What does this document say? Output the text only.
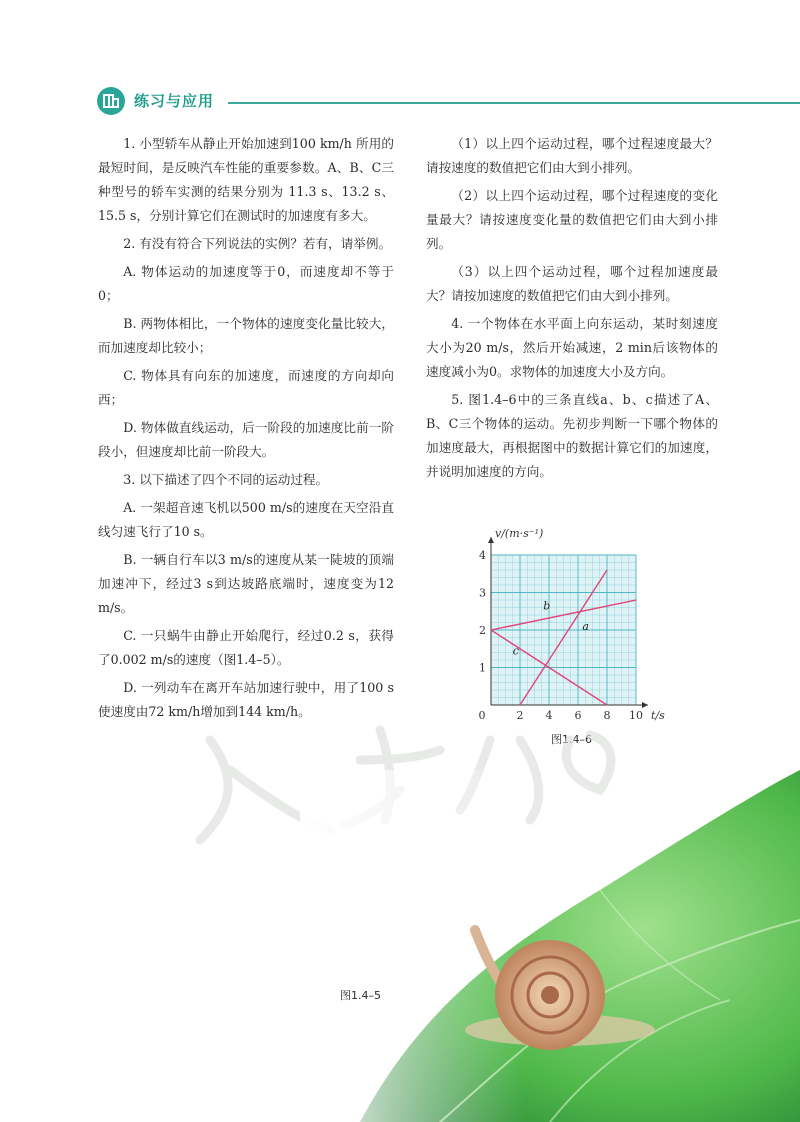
练习与应用

1. 小型轿车从静止开始加速到100 km/h 所用的最短时间，是反映汽车性能的重要参数。A、B、C三种型号的轿车实测的结果分别为 11.3 s、13.2 s、15.5 s，分别计算它们在测试时的加速度有多大。

2. 有没有符合下列说法的实例？若有，请举例。

A. 物体运动的加速度等于0，而速度却不等于0；

B. 两物体相比，一个物体的速度变化量比较大，而加速度却比较小；

C. 物体具有向东的加速度，而速度的方向却向西；

D. 物体做直线运动，后一阶段的加速度比前一阶段小，但速度却比前一阶段大。

3. 以下描述了四个不同的运动过程。

A. 一架超音速飞机以500 m/s的速度在天空沿直线匀速飞行了10 s。

B. 一辆自行车以3 m/s的速度从某一陡坡的顶端加速冲下，经过3 s到达坡路底端时，速度变为12 m/s。

C. 一只蜗牛由静止开始爬行，经过0.2 s，获得了0.002 m/s的速度（图1.4–5）。

D. 一列动车在离开车站加速行驶中，用了100 s使速度由72 km/h增加到144 km/h。

（1）以上四个运动过程，哪个过程速度最大？请按速度的数值把它们由大到小排列。

（2）以上四个运动过程，哪个过程速度的变化量最大？请按速度变化量的数值把它们由大到小排列。

（3）以上四个运动过程，哪个过程加速度最大？请按加速度的数值把它们由大到小排列。

4. 一个物体在水平面上向东运动，某时刻速度大小为20 m/s，然后开始减速，2 min后该物体的速度减小为0。求物体的加速度大小及方向。

5. 图1.4–6中的三条直线a、b、c描述了A、B、C三个物体的运动。先初步判断一下哪个物体的加速度最大，再根据图中的数据计算它们的加速度，并说明加速度的方向。

0	2 4 6 8 10
1
2
3
4
t/s
v/(m·s⁻¹)
a
b
c
图1.4–6
图1.4–5
